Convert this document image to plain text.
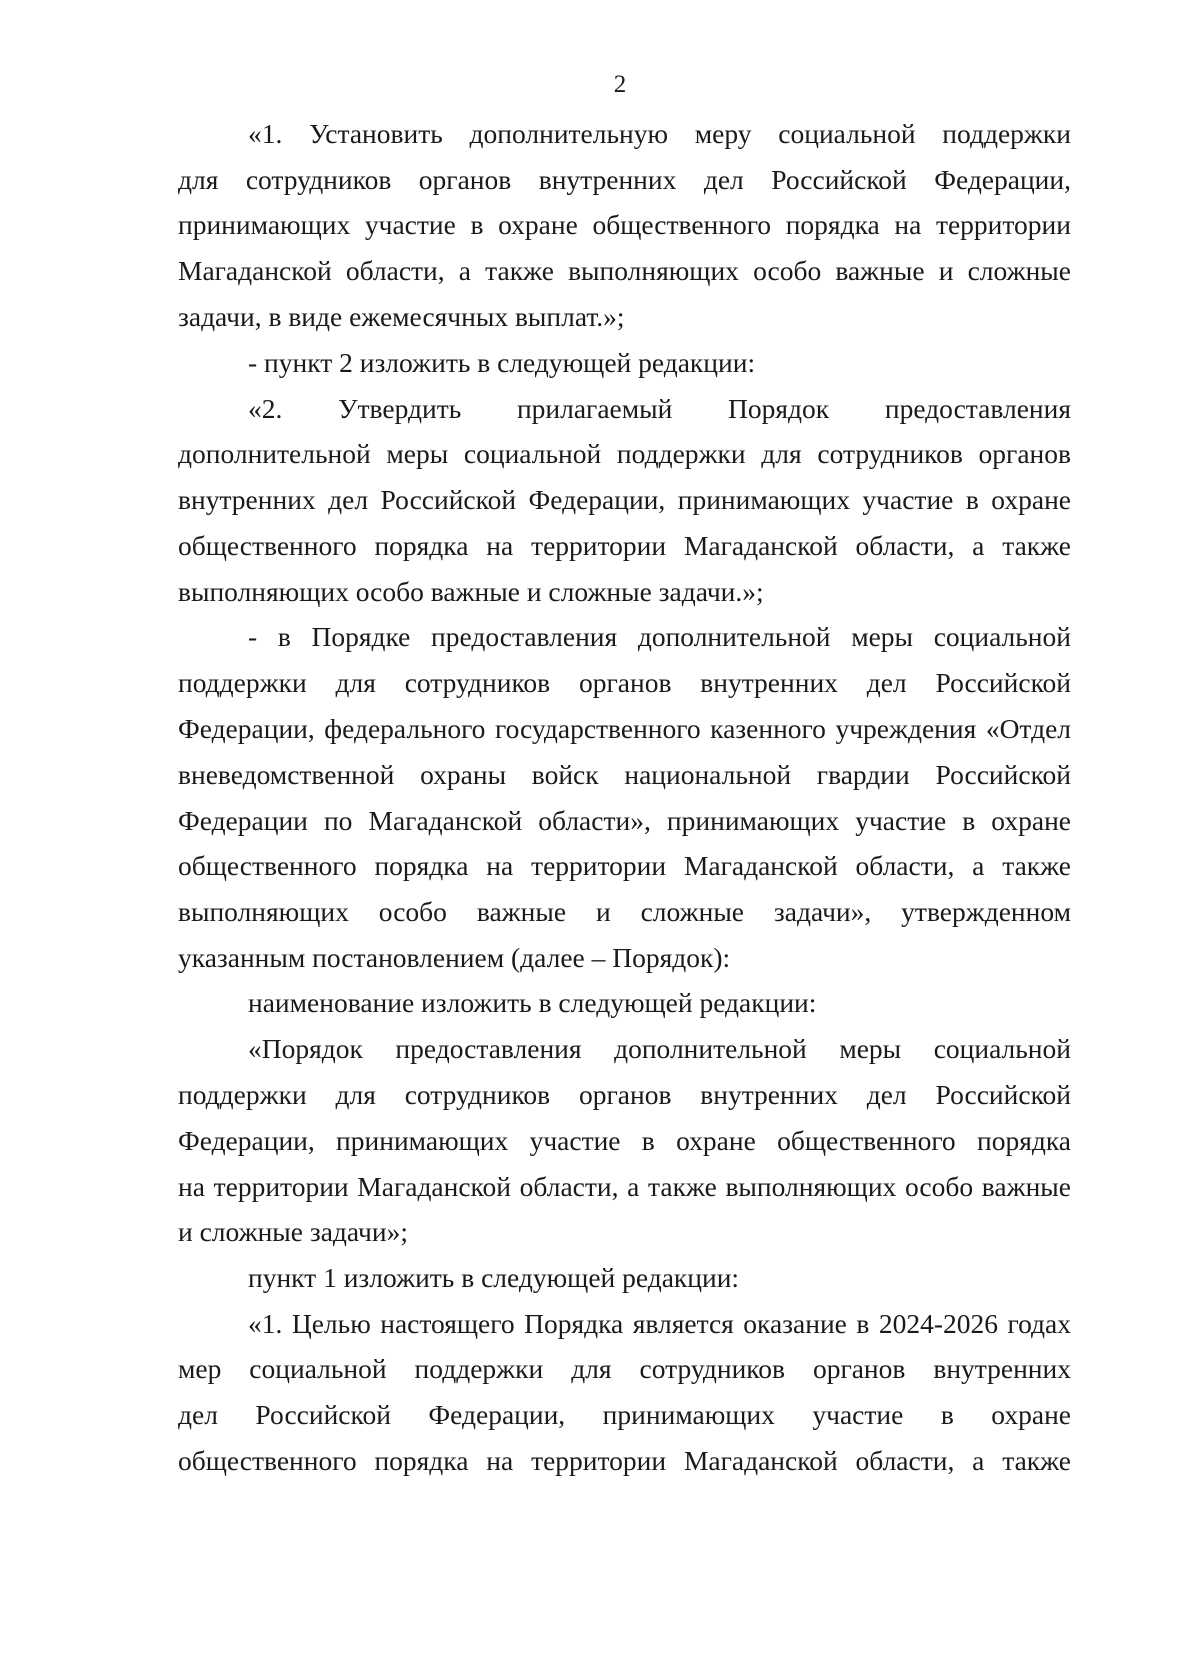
2
«1. Установить дополнительную меру социальной поддержки
для сотрудников органов внутренних дел Российской Федерации,
принимающих участие в охране общественного порядка на территории
Магаданской области, а также выполняющих особо важные и сложные
задачи, в виде ежемесячных выплат.»;
- пункт 2 изложить в следующей редакции:
«2. Утвердить прилагаемый Порядок предоставления
дополнительной меры социальной поддержки для сотрудников органов
внутренних дел Российской Федерации, принимающих участие в охране
общественного порядка на территории Магаданской области, а также
выполняющих особо важные и сложные задачи.»;
- в Порядке предоставления дополнительной меры социальной
поддержки для сотрудников органов внутренних дел Российской
Федерации, федерального государственного казенного учреждения «Отдел
вневедомственной охраны войск национальной гвардии Российской
Федерации по Магаданской области», принимающих участие в охране
общественного порядка на территории Магаданской области, а также
выполняющих особо важные и сложные задачи», утвержденном
указанным постановлением (далее – Порядок):
наименование изложить в следующей редакции:
«Порядок предоставления дополнительной меры социальной
поддержки для сотрудников органов внутренних дел Российской
Федерации, принимающих участие в охране общественного порядка
на территории Магаданской области, а также выполняющих особо важные
и сложные задачи»;
пункт 1 изложить в следующей редакции:
«1. Целью настоящего Порядка является оказание в 2024-2026 годах
мер социальной поддержки для сотрудников органов внутренних
дел Российской Федерации, принимающих участие в охране
общественного порядка на территории Магаданской области, а также
